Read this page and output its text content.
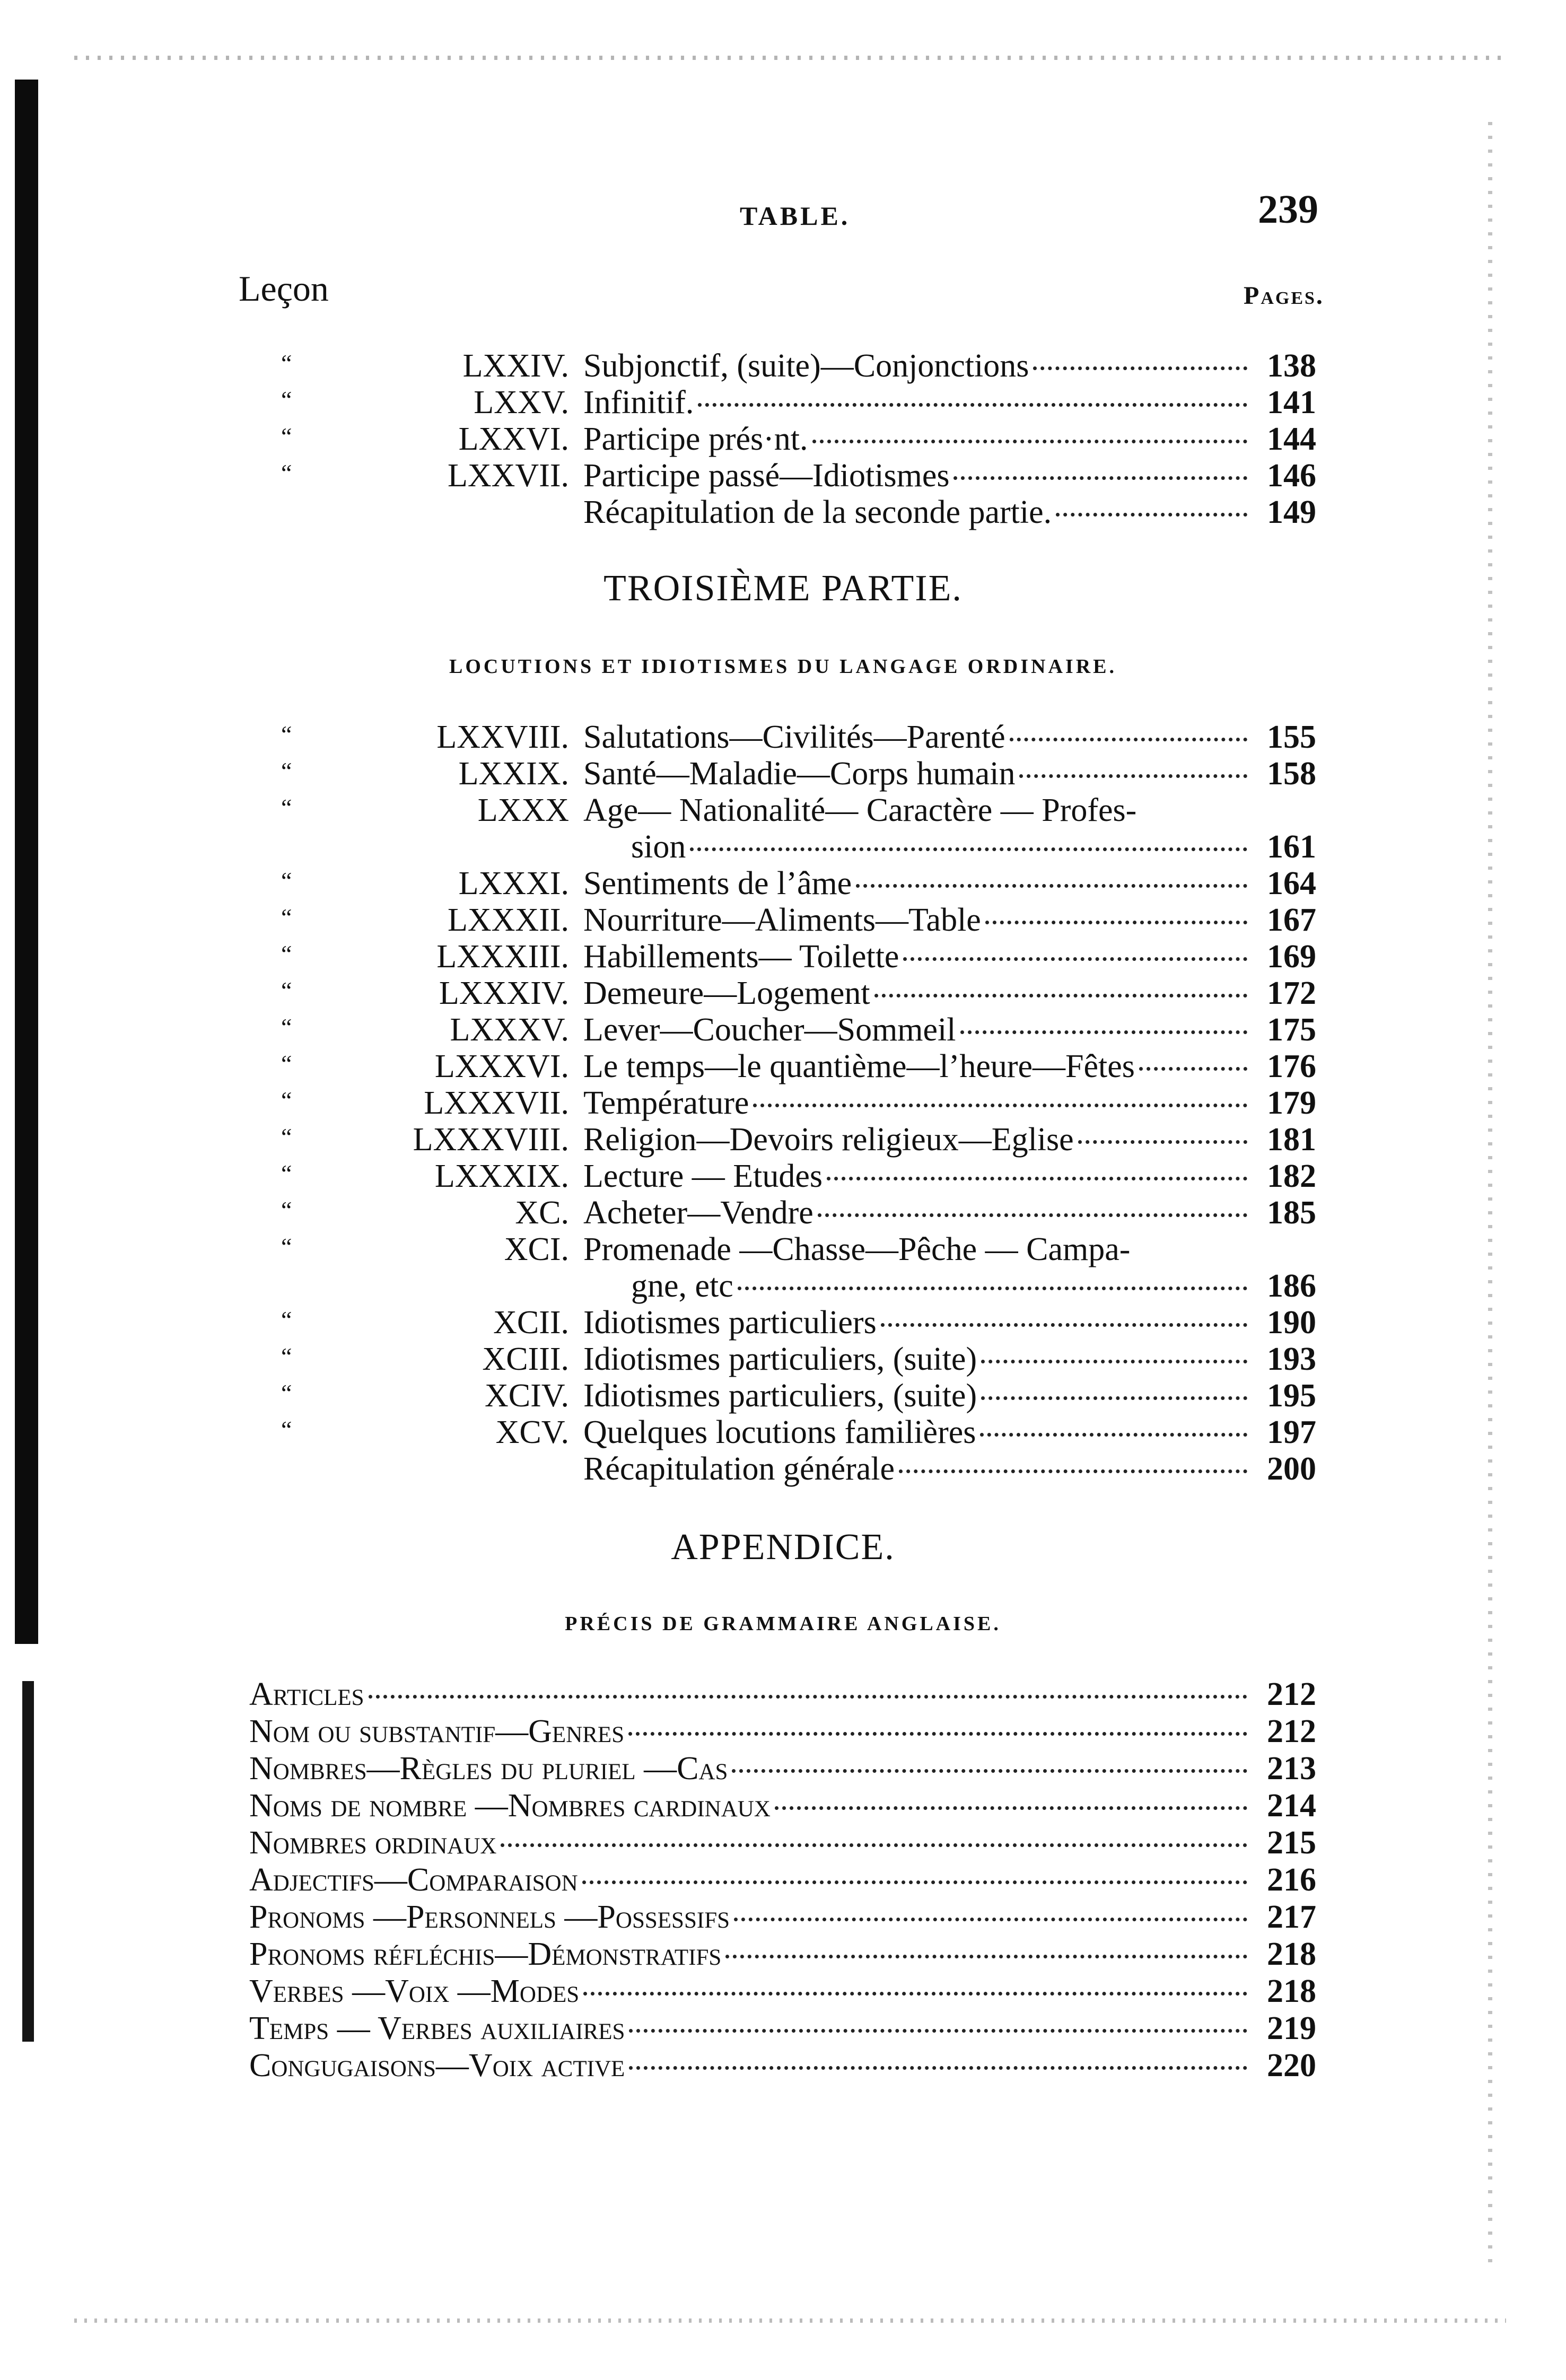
TABLE.	239
Leçon	Pages.
“	LXXIV. Subjonctif, (suite)—Conjonctions	138
“	LXXV. Infinitif.	141
“	LXXVI. Participe prés·nt.	144
“	LXXVII. Participe passé—Idiotismes	146
Récapitulation de la seconde partie.	149
TROISIÈME PARTIE.
LOCUTIONS ET IDIOTISMES DU LANGAGE ORDINAIRE.
“	LXXVIII. Salutations—Civilités—Parenté	155
“	LXXIX. Santé—Maladie—Corps humain	158
“	LXXX Age— Nationalité— Caractère — Profes-
sion	161
“	LXXXI. Sentiments de l’âme	164
“	LXXXII. Nourriture—Aliments—Table	167
“	LXXXIII. Habillements— Toilette	169
“	LXXXIV. Demeure—Logement	172
“	LXXXV. Lever—Coucher—Sommeil	175
“	LXXXVI. Le temps—le quantième—l’heure—Fêtes	176
“	LXXXVII. Température	179
“	LXXXVIII. Religion—Devoirs religieux—Eglise	181
“	LXXXIX. Lecture — Etudes	182
“	XC. Acheter—Vendre	185
“	XCI. Promenade —Chasse—Pêche — Campa-
gne, etc	186
“	XCII. Idiotismes particuliers	190
“	XCIII. Idiotismes particuliers, (suite)	193
“	XCIV. Idiotismes particuliers, (suite)	195
“	XCV. Quelques locutions familières	197
Récapitulation générale	200
APPENDICE.
PRÉCIS DE GRAMMAIRE ANGLAISE.
Articles	212
Nom ou substantif—Genres	212
Nombres—Règles du pluriel —Cas	213
Noms de nombre —Nombres cardinaux	214
Nombres ordinaux	215
Adjectifs—Comparaison	216
Pronoms —Personnels —Possessifs	217
Pronoms réfléchis—Démonstratifs	218
Verbes —Voix —Modes	218
Temps — Verbes auxiliaires	219
Congugaisons—Voix active	220
